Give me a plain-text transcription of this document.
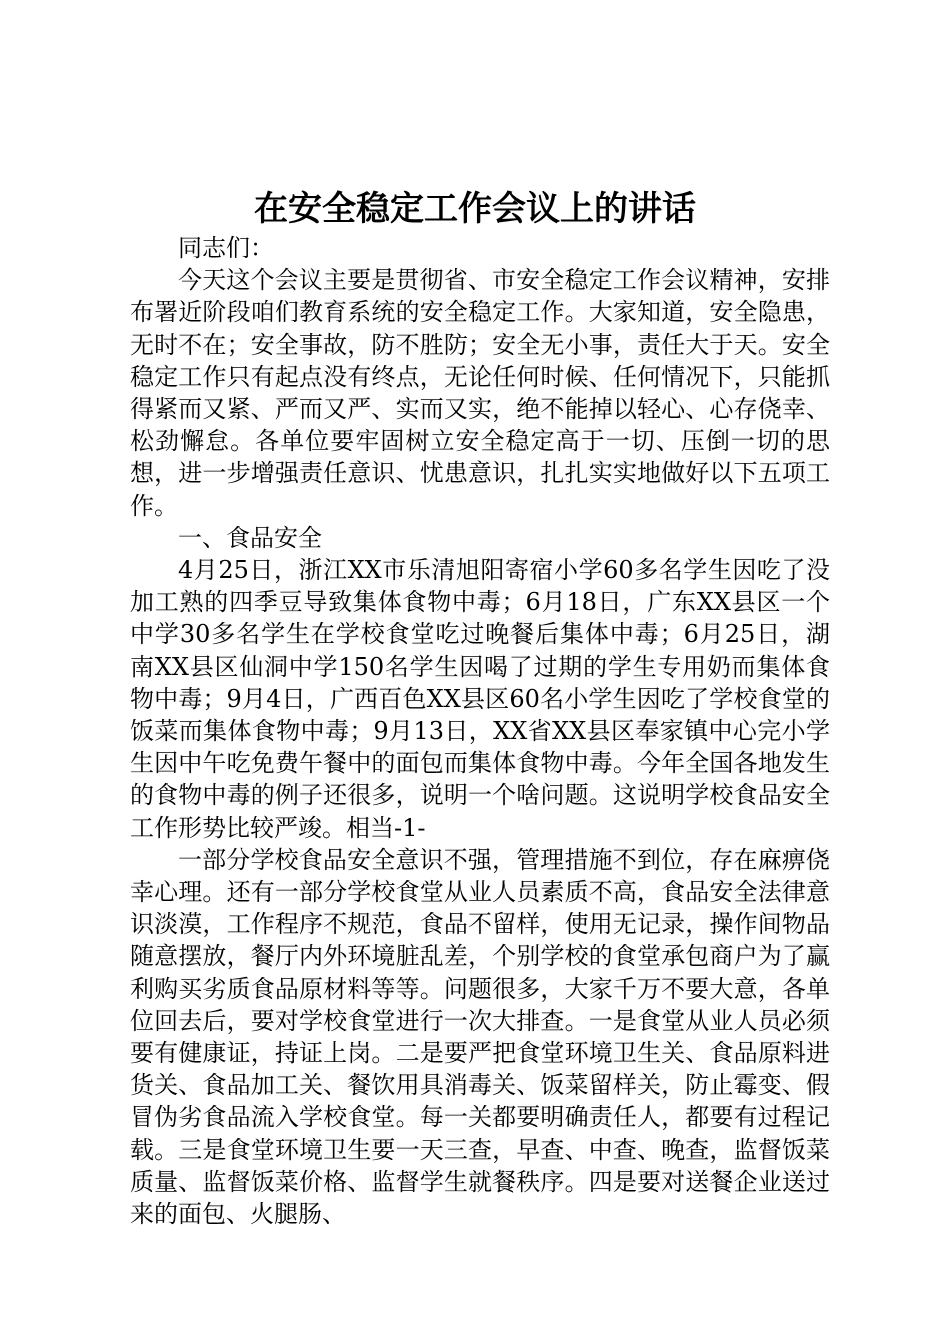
在安全稳定工作会议上的讲话

同志们：

今天这个会议主要是贯彻省、市安全稳定工作会议精神，安排布署近阶段咱们教育系统的安全稳定工作。大家知道，安全隐患，无时不在；安全事故，防不胜防；安全无小事，责任大于天。安全稳定工作只有起点没有终点，无论任何时候、任何情况下，只能抓得紧而又紧、严而又严、实而又实，绝不能掉以轻心、心存侥幸、松劲懈怠。各单位要牢固树立安全稳定高于一切、压倒一切的思想，进一步增强责任意识、忧患意识，扎扎实实地做好以下五项工作。

一、食品安全

4月25日，浙江XX市乐清旭阳寄宿小学60多名学生因吃了没加工熟的四季豆导致集体食物中毒；6月18日，广东XX县区一个中学30多名学生在学校食堂吃过晚餐后集体中毒；6月25日，湖南XX县区仙洞中学150名学生因喝了过期的学生专用奶而集体食物中毒；9月4日，广西百色XX县区60名小学生因吃了学校食堂的饭菜而集体食物中毒；9月13日，XX省XX县区奉家镇中心完小学生因中午吃免费午餐中的面包而集体食物中毒。今年全国各地发生的食物中毒的例子还很多，说明一个啥问题。这说明学校食品安全工作形势比较严竣。相当-1-

一部分学校食品安全意识不强，管理措施不到位，存在麻痹侥幸心理。还有一部分学校食堂从业人员素质不高，食品安全法律意识淡漠，工作程序不规范，食品不留样，使用无记录，操作间物品随意摆放，餐厅内外环境脏乱差，个别学校的食堂承包商户为了赢利购买劣质食品原材料等等。问题很多，大家千万不要大意，各单位回去后，要对学校食堂进行一次大排查。一是食堂从业人员必须要有健康证，持证上岗。二是要严把食堂环境卫生关、食品原料进货关、食品加工关、餐饮用具消毒关、饭菜留样关，防止霉变、假冒伪劣食品流入学校食堂。每一关都要明确责任人，都要有过程记载。三是食堂环境卫生要一天三查，早查、中查、晚查，监督饭菜质量、监督饭菜价格、监督学生就餐秩序。四是要对送餐企业送过来的面包、火腿肠、
